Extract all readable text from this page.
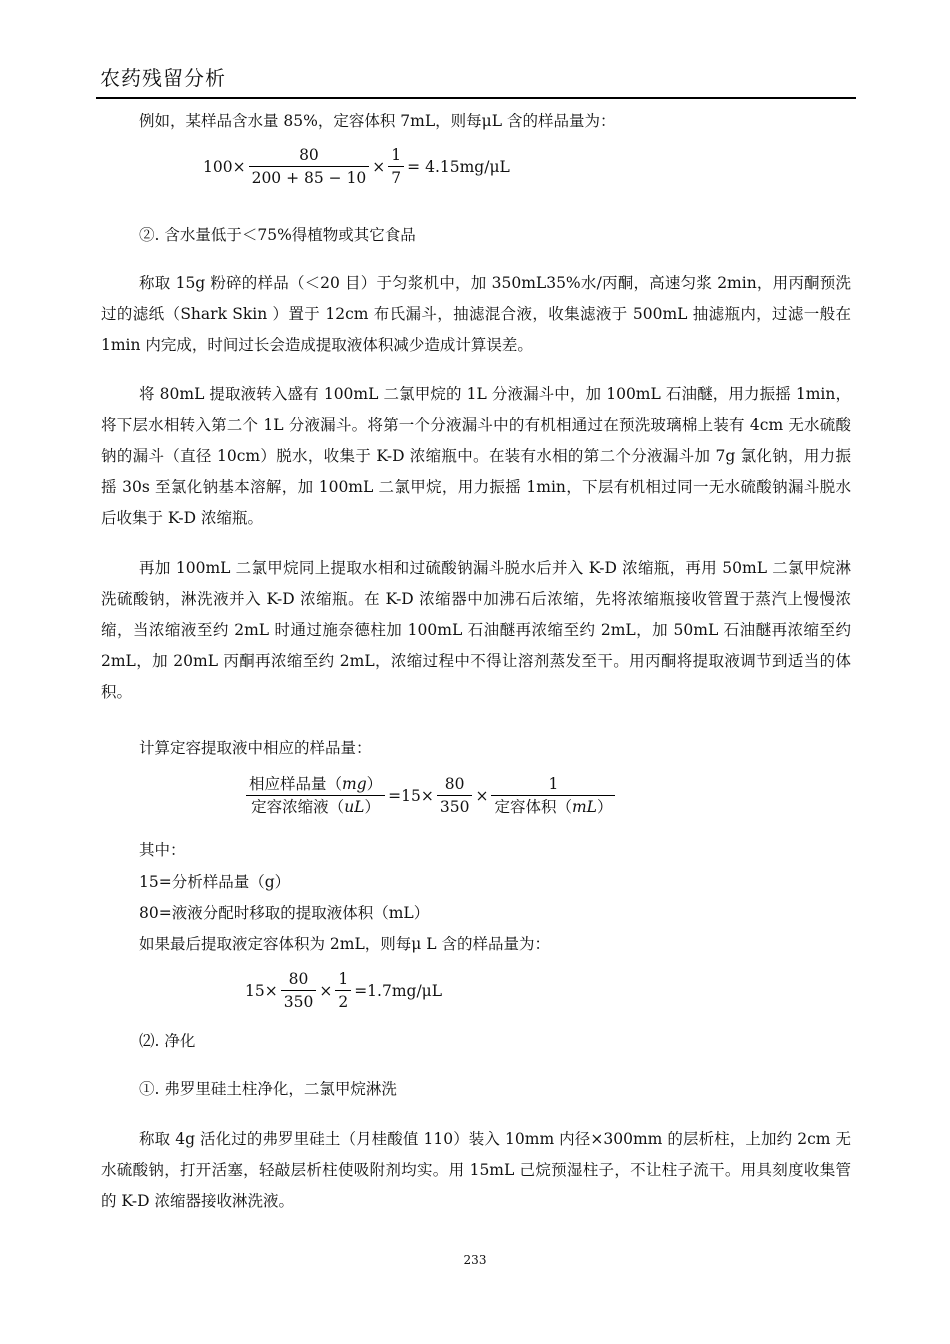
农药残留分析
例如，某样品含水量 85%，定容体积 7mL，则每μL 含的样品量为：
$100\times \frac{80}{200 + 85 - 10} \times \frac{1}{7} = 4.15mg/\mu L$
②. 含水量低于＜75%得植物或其它食品
称取 15g 粉碎的样品（＜20 目）于匀浆机中，加 350mL35%水/丙酮，高速匀浆 2min，用丙酮预洗过的滤纸（Shark Skin ）置于 12cm 布氏漏斗，抽滤混合液，收集滤液于 500mL 抽滤瓶内，过滤一般在 1min 内完成，时间过长会造成提取液体积减少造成计算误差。
将 80mL 提取液转入盛有 100mL 二氯甲烷的 1L 分液漏斗中，加 100mL 石油醚，用力振摇 1min，将下层水相转入第二个 1L 分液漏斗。将第一个分液漏斗中的有机相通过在预洗玻璃棉上装有 4cm 无水硫酸钠的漏斗（直径 10cm）脱水，收集于 K-D 浓缩瓶中。在装有水相的第二个分液漏斗加 7g 氯化钠，用力振摇 30s 至氯化钠基本溶解，加 100mL 二氯甲烷，用力振摇 1min，下层有机相过同一无水硫酸钠漏斗脱水后收集于 K-D 浓缩瓶。
再加 100mL 二氯甲烷同上提取水相和过硫酸钠漏斗脱水后并入 K-D 浓缩瓶，再用 50mL 二氯甲烷淋洗硫酸钠，淋洗液并入 K-D 浓缩瓶。在 K-D 浓缩器中加沸石后浓缩，先将浓缩瓶接收管置于蒸汽上慢慢浓缩，当浓缩液至约 2mL 时通过施奈德柱加 100mL 石油醚再浓缩至约 2mL，加 50mL 石油醚再浓缩至约 2mL，加 20mL 丙酮再浓缩至约 2mL，浓缩过程中不得让溶剂蒸发至干。用丙酮将提取液调节到适当的体积。
计算定容提取液中相应的样品量：
$\frac{\text{相应样品量（mg）}}{\text{定容浓缩液（uL）}} =15\times \frac{80}{350} \times \frac{1}{\text{定容体积（mL）}}$
其中：
15=分析样品量（g）
80=液液分配时移取的提取液体积（mL）
如果最后提取液定容体积为 2mL，则每μ L 含的样品量为：
$15\times \frac{80}{350} \times \frac{1}{2} =1.7mg/\mu L$
⑵. 净化
①. 弗罗里硅土柱净化，二氯甲烷淋洗
称取 4g 活化过的弗罗里硅土（月桂酸值 110）装入 10mm 内径×300mm 的层析柱，上加约 2cm 无水硫酸钠，打开活塞，轻敲层析柱使吸附剂均实。用 15mL 己烷预湿柱子，不让柱子流干。用具刻度收集管的 K-D 浓缩器接收淋洗液。
233
